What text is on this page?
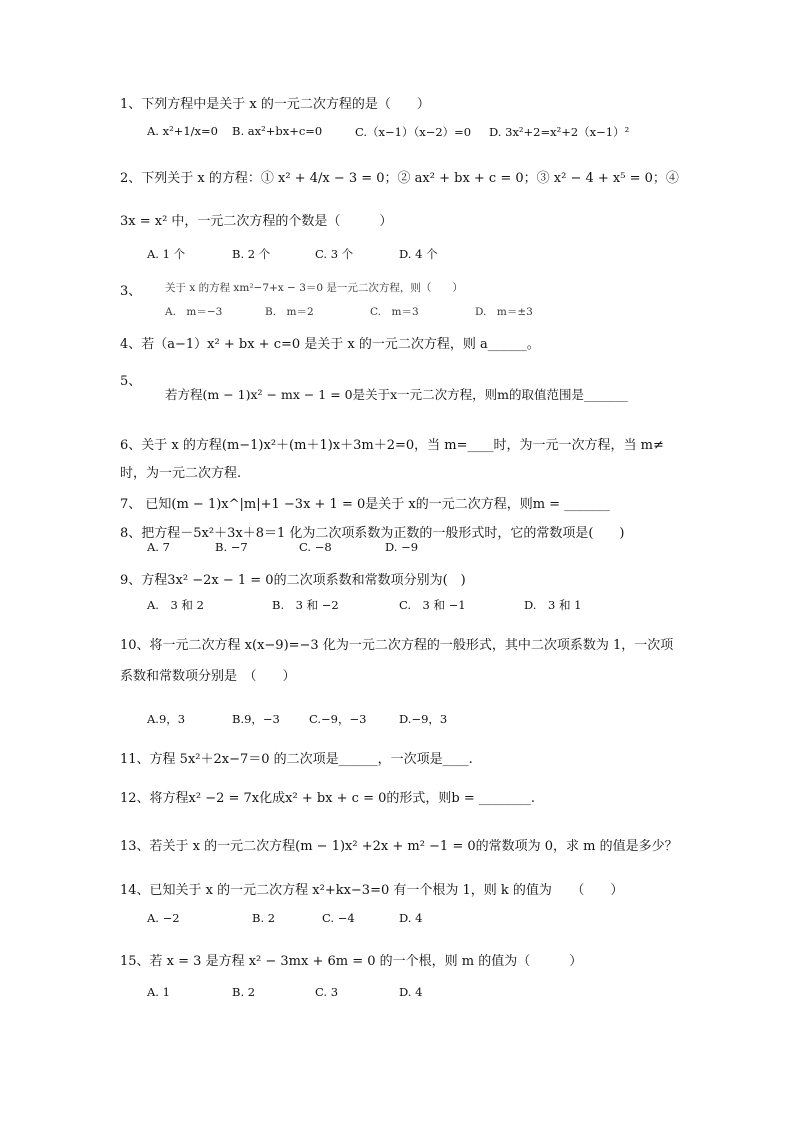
1、下列方程中是关于 x 的一元二次方程的是（　　）
A. x²+1/x=0 B. ax²+bx+c=0	C.（x−1）（x−2）=0 D. 3x²+2=x²+2（x−1）²
2、下列关于 x 的方程：① x² + 4/x − 3 = 0；② ax² + bx + c = 0；③ x² − 4 + x⁵ = 0；④
3x = x² 中，一元二次方程的个数是（　　　）
A. 1 个	B. 2 个	C. 3 个	D. 4 个
3、 关于 x 的方程 xm²−7+x − 3＝0 是一元二次方程，则（　　）
A.　m＝−3	B.　m＝2	C.　m＝3	D.　m＝±3
4、若（a−1）x² + bx + c=0 是关于 x 的一元二次方程，则 a______。
5、
若方程(m − 1)x² − mx − 1 = 0是关于x一元二次方程，则m的取值范围是_______
6、关于 x 的方程(m−1)x²＋(m＋1)x＋3m＋2=0，当 m=____时，为一元一次方程，当 m≠
时，为一元二次方程.
7、 已知(m − 1)x^|m|+1 −3x + 1 = 0是关于 x的一元二次方程，则m = _______
8、把方程－5x²＋3x＋8＝1 化为二次项系数为正数的一般形式时，它的常数项是(　　)
A. 7	B. −7	C. −8	D. −9
9、方程3x² −2x − 1 = 0的二次项系数和常数项分别为(　)
A.　3 和 2	B.　3 和 −2	C.　3 和 −1	D.　3 和 1
10、将一元二次方程 x(x−9)=−3 化为一元二次方程的一般形式，其中二次项系数为 1，一次项
系数和常数项分别是　（　　）
A.9，3	B.9，−3	C.−9，−3	D.−9，3
11、方程 5x²＋2x−7＝0 的二次项是______，一次项是____.
12、将方程x² −2 = 7x化成x² + bx + c = 0的形式，则b = ________.
13、若关于 x 的一元二次方程(m − 1)x² +2x + m² −1 = 0的常数项为 0，求 m 的值是多少？
14、已知关于 x 的一元二次方程 x²+kx−3=0 有一个根为 1，则 k 的值为　　（　　）
A. −2	B. 2	C. −4	D. 4
15、若 x = 3 是方程 x² − 3mx + 6m = 0 的一个根，则 m 的值为（　　　）
A. 1	B. 2	C. 3	D. 4
